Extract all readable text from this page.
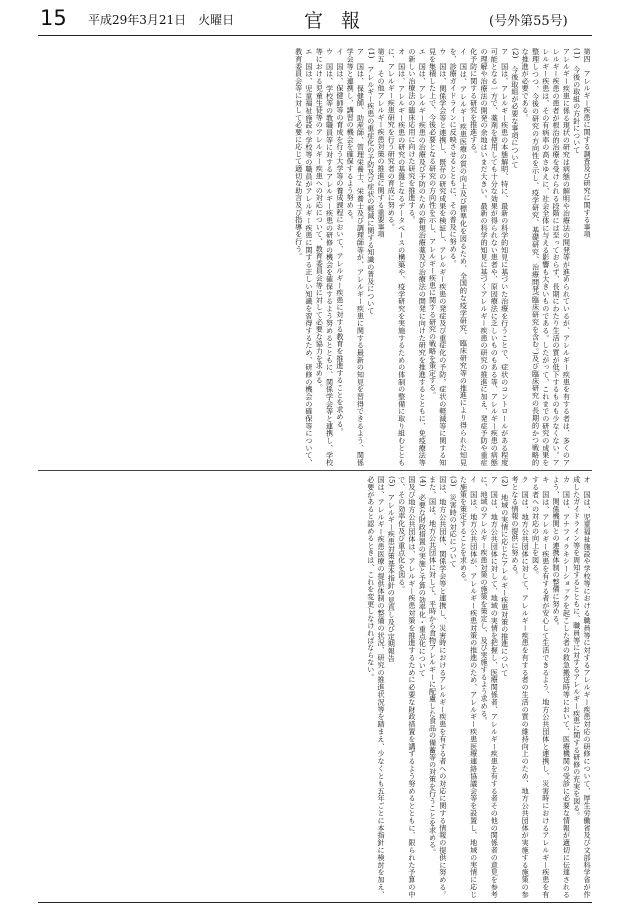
15 平成29年3月21日　火曜日	官報	(号外第55号)

第四　アレルギー疾患に関する調査及び研究に関する事項

(1)　今後の取組の方針について

アレルギー疾患に係る現状の研究は病態の解明や治療法の開発等が進められているが、アレルギー疾患を有する者は、多くのアレルギー疾患の患者が根治的治療を受けられる段階には至っておらず、長期にわたり生活の質が低下するものも少なくない。アレルギー疾患は、その有病率の高さゆえに、社会全体に与える影響も大きいものである。したがって、これまでの研究の成果を整理しつつ、今後の研究の方向性を示し、疫学研究、基礎研究、治療開発(臨床研究を含む。)及び臨床研究の長期的かつ戦略的な推進が必要である。

(2)　今後取組が必要な事項について

ア　国は、アレルギー疾患の本態解明、特に、最新の科学的知見に基づいた治療を行うことで、症状のコントロールがある程度可能となる一方で、薬剤を使用しても十分な効果が得られない患者や、原因療法に乏しいものもある等、アレルギー疾患の病態の理解や治療法の開発の余地はいまだ大きい。最新の科学的知見に基づくアレルギー疾患の研究の推進に加え、発症予防や重症化予防に関する研究を推進する。

イ　国は、アレルギー疾患医療の質の向上及び標準化を図るため、全国的な疫学研究、臨床研究等の推進により得られた知見を、診療ガイドラインに反映させるとともに、その普及に努める。

ウ　国は、関係学会等と連携し、既存の研究成果を検証し、アレルギー疾患の発症及び重症化の予防、症状の軽減等に関する知見を集積した上で、今後必要となる研究の方向性を示し、アレルギー疾患に関する研究の戦略を策定する。

エ　国は、アレルギー疾患の治療及び予防のための新規治療薬及び治療法の開発に向けた研究を推進するとともに、免疫療法等の新しい治療法の臨床応用に向けた研究を推進する。

オ　国は、アレルギー疾患の研究の基盤となるデータベースの構築や、疫学研究を実施するための体制の整備に取り組むとともに、アレルギー疾患研究を行う研究者の育成に努める。

第五　その他アレルギー疾患対策の推進に関する重要事項

(1)　アレルギー疾患の重症化の予防及び症状の軽減に関する知識の普及について

ア　国は、保健師、助産師、管理栄養士、栄養士及び調理師等が、アレルギー疾患に関する最新の知見を習得できるよう、関係学会等と連携し、講習の機会を確保するよう努める。

イ　国は、保健師等の育成を行う大学等の養成課程において、アレルギー疾患に対する教育を推進することを求める。

ウ　国は、学校等の教職員等に対するアレルギー疾患の研修の機会を確保するよう努めるとともに、関係学会等と連携し、学校等における児童生徒等のアレルギー疾患への対応について、教育委員会等に対して必要な協力を求める。

エ　国は、児童福祉施設や学校等の職員がアレルギー疾患に関する正しい知識を習得するため、研修の機会の確保等について、教育委員会等に対して必要に応じて適切な助言及び指導を行う。

オ　国は、児童福祉施設や学校等における職員等に対するアレルギー疾患対応の研修について、厚生労働省及び文部科学省が作成したガイドライン等を周知するとともに、職員等に対するアレルギー疾患に関する研修の充実を図る。

カ　国は、アナフィラキシーショックを起こした者の救急搬送時等において、医療機関の受診に必要な情報が適切に伝達されるよう、関係機関との連携体制の整備に努める。

キ　国は、アレルギー疾患を有する者が安心して生活できるよう、地方公共団体と連携し、災害時におけるアレルギー疾患を有する者への対応の向上を図る。

ク　国は、地方公共団体に対して、アレルギー疾患を有する者の生活の質の維持向上のため、地方公共団体が実施する施策の参考となる情報の提供に努める。

(2)　地域の実情に応じたアレルギー疾患対策の推進について

ア　国は、地方公共団体に対して、地域の実情を把握し、医療関係者、アレルギー疾患を有する者その他の関係者の意見を参考に、地域のアレルギー疾患対策の施策を策定し、及び実施するよう求める。

イ　国は、地方公共団体が、アレルギー疾患対策の推進のため、アレルギー疾患医療連絡協議会等を設置し、地域の実情に応じた施策を策定することを求める。

(3)　災害時の対応について

国は、地方公共団体、関係学会等と連携し、災害時におけるアレルギー疾患を有する者への対応に関する情報の提供に努める。また、国は、地方公共団体に対して、平時から食物アレルギーに配慮した食品の備蓄等の対策を行うことを求める。

(4)　必要な財政措置の実施と予算の効率化・重点化について

国及び地方公共団体は、アレルギー疾患対策を推進するために必要な財政措置を講ずるよう努めるとともに、限られた予算の中で、その効率化及び重点化を図る。

(5)　アレルギー疾患対策基本指針の見直し及び定期報告

国は、アレルギー疾患医療の提供体制の整備の状況、研究の推進状況等を踏まえ、少なくとも五年ごとに本指針に検討を加え、必要があると認めるときは、これを変更しなければならない。
